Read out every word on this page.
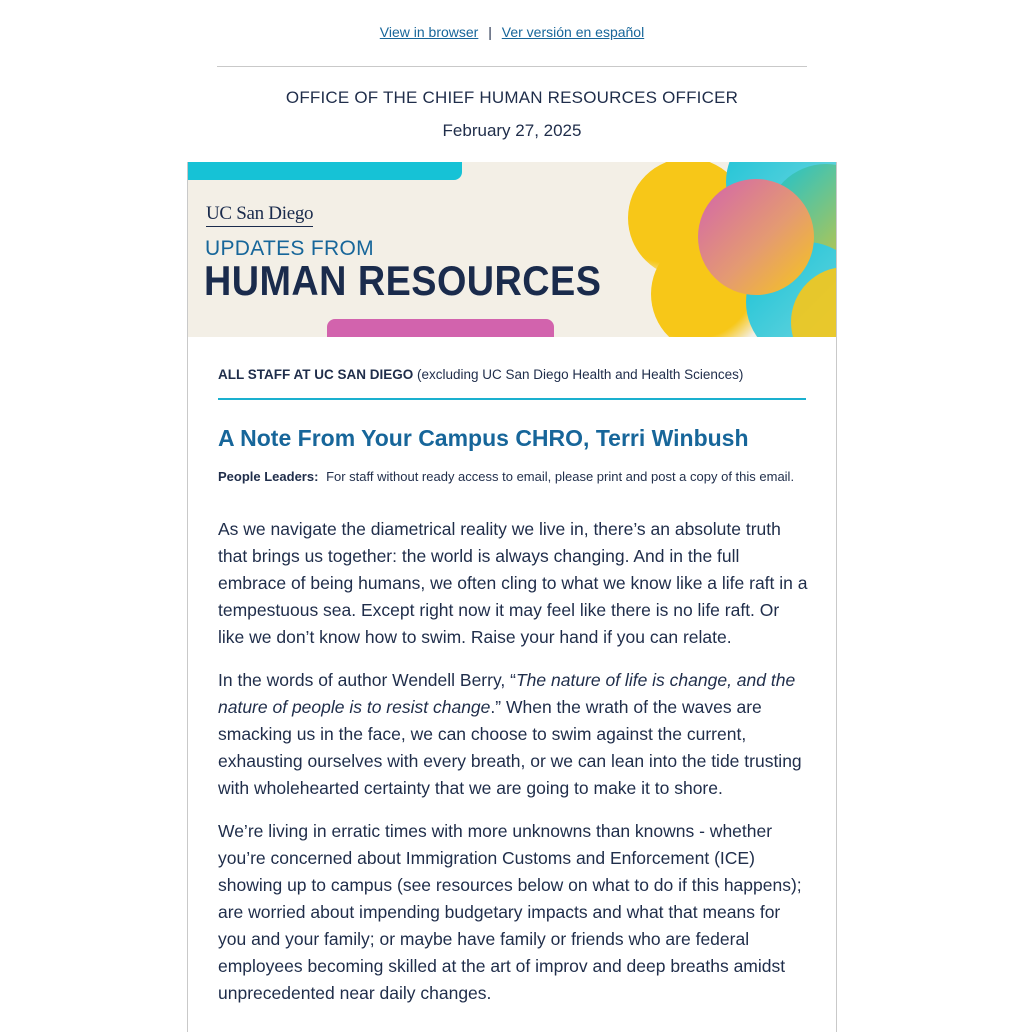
View in browser | Ver versión en español
OFFICE OF THE CHIEF HUMAN RESOURCES OFFICER
February 27, 2025
UC San Diego
UPDATES FROM
HUMAN RESOURCES
ALL STAFF AT UC SAN DIEGO (excluding UC San Diego Health and Health Sciences)
A Note From Your Campus CHRO, Terri Winbush
People Leaders: For staff without ready access to email, please print and post a copy of this email.
As we navigate the diametrical reality we live in, there’s an absolute truth that brings us together: the world is always changing. And in the full embrace of being humans, we often cling to what we know like a life raft in a tempestuous sea. Except right now it may feel like there is no life raft. Or like we don’t know how to swim. Raise your hand if you can relate.
In the words of author Wendell Berry, “The nature of life is change, and the nature of people is to resist change.” When the wrath of the waves are smacking us in the face, we can choose to swim against the current, exhausting ourselves with every breath, or we can lean into the tide trusting with wholehearted certainty that we are going to make it to shore.
We’re living in erratic times with more unknowns than knowns - whether you’re concerned about Immigration Customs and Enforcement (ICE) showing up to campus (see resources below on what to do if this happens); are worried about impending budgetary impacts and what that means for you and your family; or maybe have family or friends who are federal employees becoming skilled at the art of improv and deep breaths amidst unprecedented near daily changes.
